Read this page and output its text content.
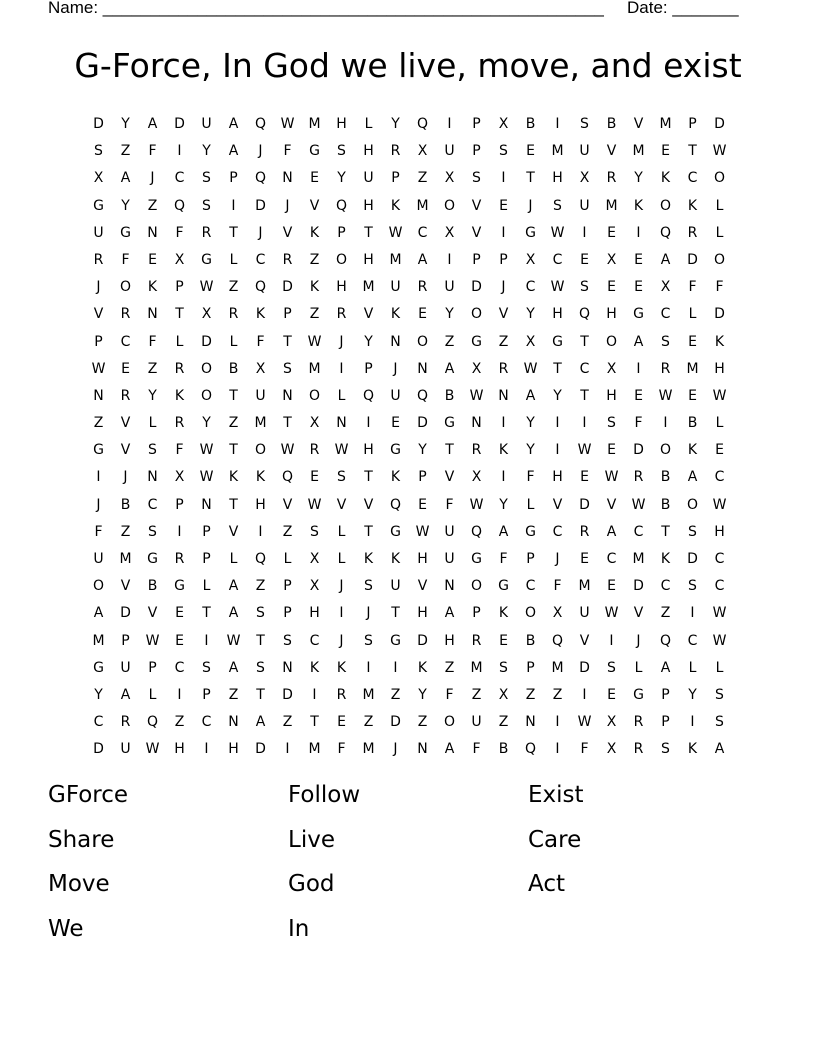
Name: _____________________________________________________ Date: _______
G-Force, In God we live, move, and exist
D	Y	A	D	U	A	Q	W	M	H	L	Y	Q	I	P	X	B	I	S	B	V	M	P	D
S	Z	F	I	Y	A	J	F	G	S	H	R	X	U	P	S	E	M	U	V	M	E	T	W
X	A	J	C	S	P	Q	N	E	Y	U	P	Z	X	S	I	T	H	X	R	Y	K	C	O
G	Y	Z	Q	S	I	D	J	V	Q	H	K	M	O	V	E	J	S	U	M	K	O	K	L
U	G	N	F	R	T	J	V	K	P	T	W	C	X	V	I	G	W	I	E	I	Q	R	L
R	F	E	X	G	L	C	R	Z	O	H	M	A	I	P	P	X	C	E	X	E	A	D	O
J	O	K	P	W	Z	Q	D	K	H	M	U	R	U	D	J	C	W	S	E	E	X	F	F
V	R	N	T	X	R	K	P	Z	R	V	K	E	Y	O	V	Y	H	Q	H	G	C	L	D
P	C	F	L	D	L	F	T	W	J	Y	N	O	Z	G	Z	X	G	T	O	A	S	E	K
W	E	Z	R	O	B	X	S	M	I	P	J	N	A	X	R	W	T	C	X	I	R	M	H
N	R	Y	K	O	T	U	N	O	L	Q	U	Q	B	W	N	A	Y	T	H	E	W	E	W
Z	V	L	R	Y	Z	M	T	X	N	I	E	D	G	N	I	Y	I	I	S	F	I	B	L
G	V	S	F	W	T	O	W	R	W	H	G	Y	T	R	K	Y	I	W	E	D	O	K	E
I	J	N	X	W	K	K	Q	E	S	T	K	P	V	X	I	F	H	E	W	R	B	A	C
J	B	C	P	N	T	H	V	W	V	V	Q	E	F	W	Y	L	V	D	V	W	B	O	W
F	Z	S	I	P	V	I	Z	S	L	T	G	W	U	Q	A	G	C	R	A	C	T	S	H
U	M	G	R	P	L	Q	L	X	L	K	K	H	U	G	F	P	J	E	C	M	K	D	C
O	V	B	G	L	A	Z	P	X	J	S	U	V	N	O	G	C	F	M	E	D	C	S	C
A	D	V	E	T	A	S	P	H	I	J	T	H	A	P	K	O	X	U	W	V	Z	I	W
M	P	W	E	I	W	T	S	C	J	S	G	D	H	R	E	B	Q	V	I	J	Q	C	W
G	U	P	C	S	A	S	N	K	K	I	I	K	Z	M	S	P	M	D	S	L	A	L	L
Y	A	L	I	P	Z	T	D	I	R	M	Z	Y	F	Z	X	Z	Z	I	E	G	P	Y	S
C	R	Q	Z	C	N	A	Z	T	E	Z	D	Z	O	U	Z	N	I	W	X	R	P	I	S
D	U	W	H	I	H	D	I	M	F	M	J	N	A	F	B	Q	I	F	X	R	S	K	A
GForce	Follow	Exist
Share	Live	Care
Move	God	Act
We	In
